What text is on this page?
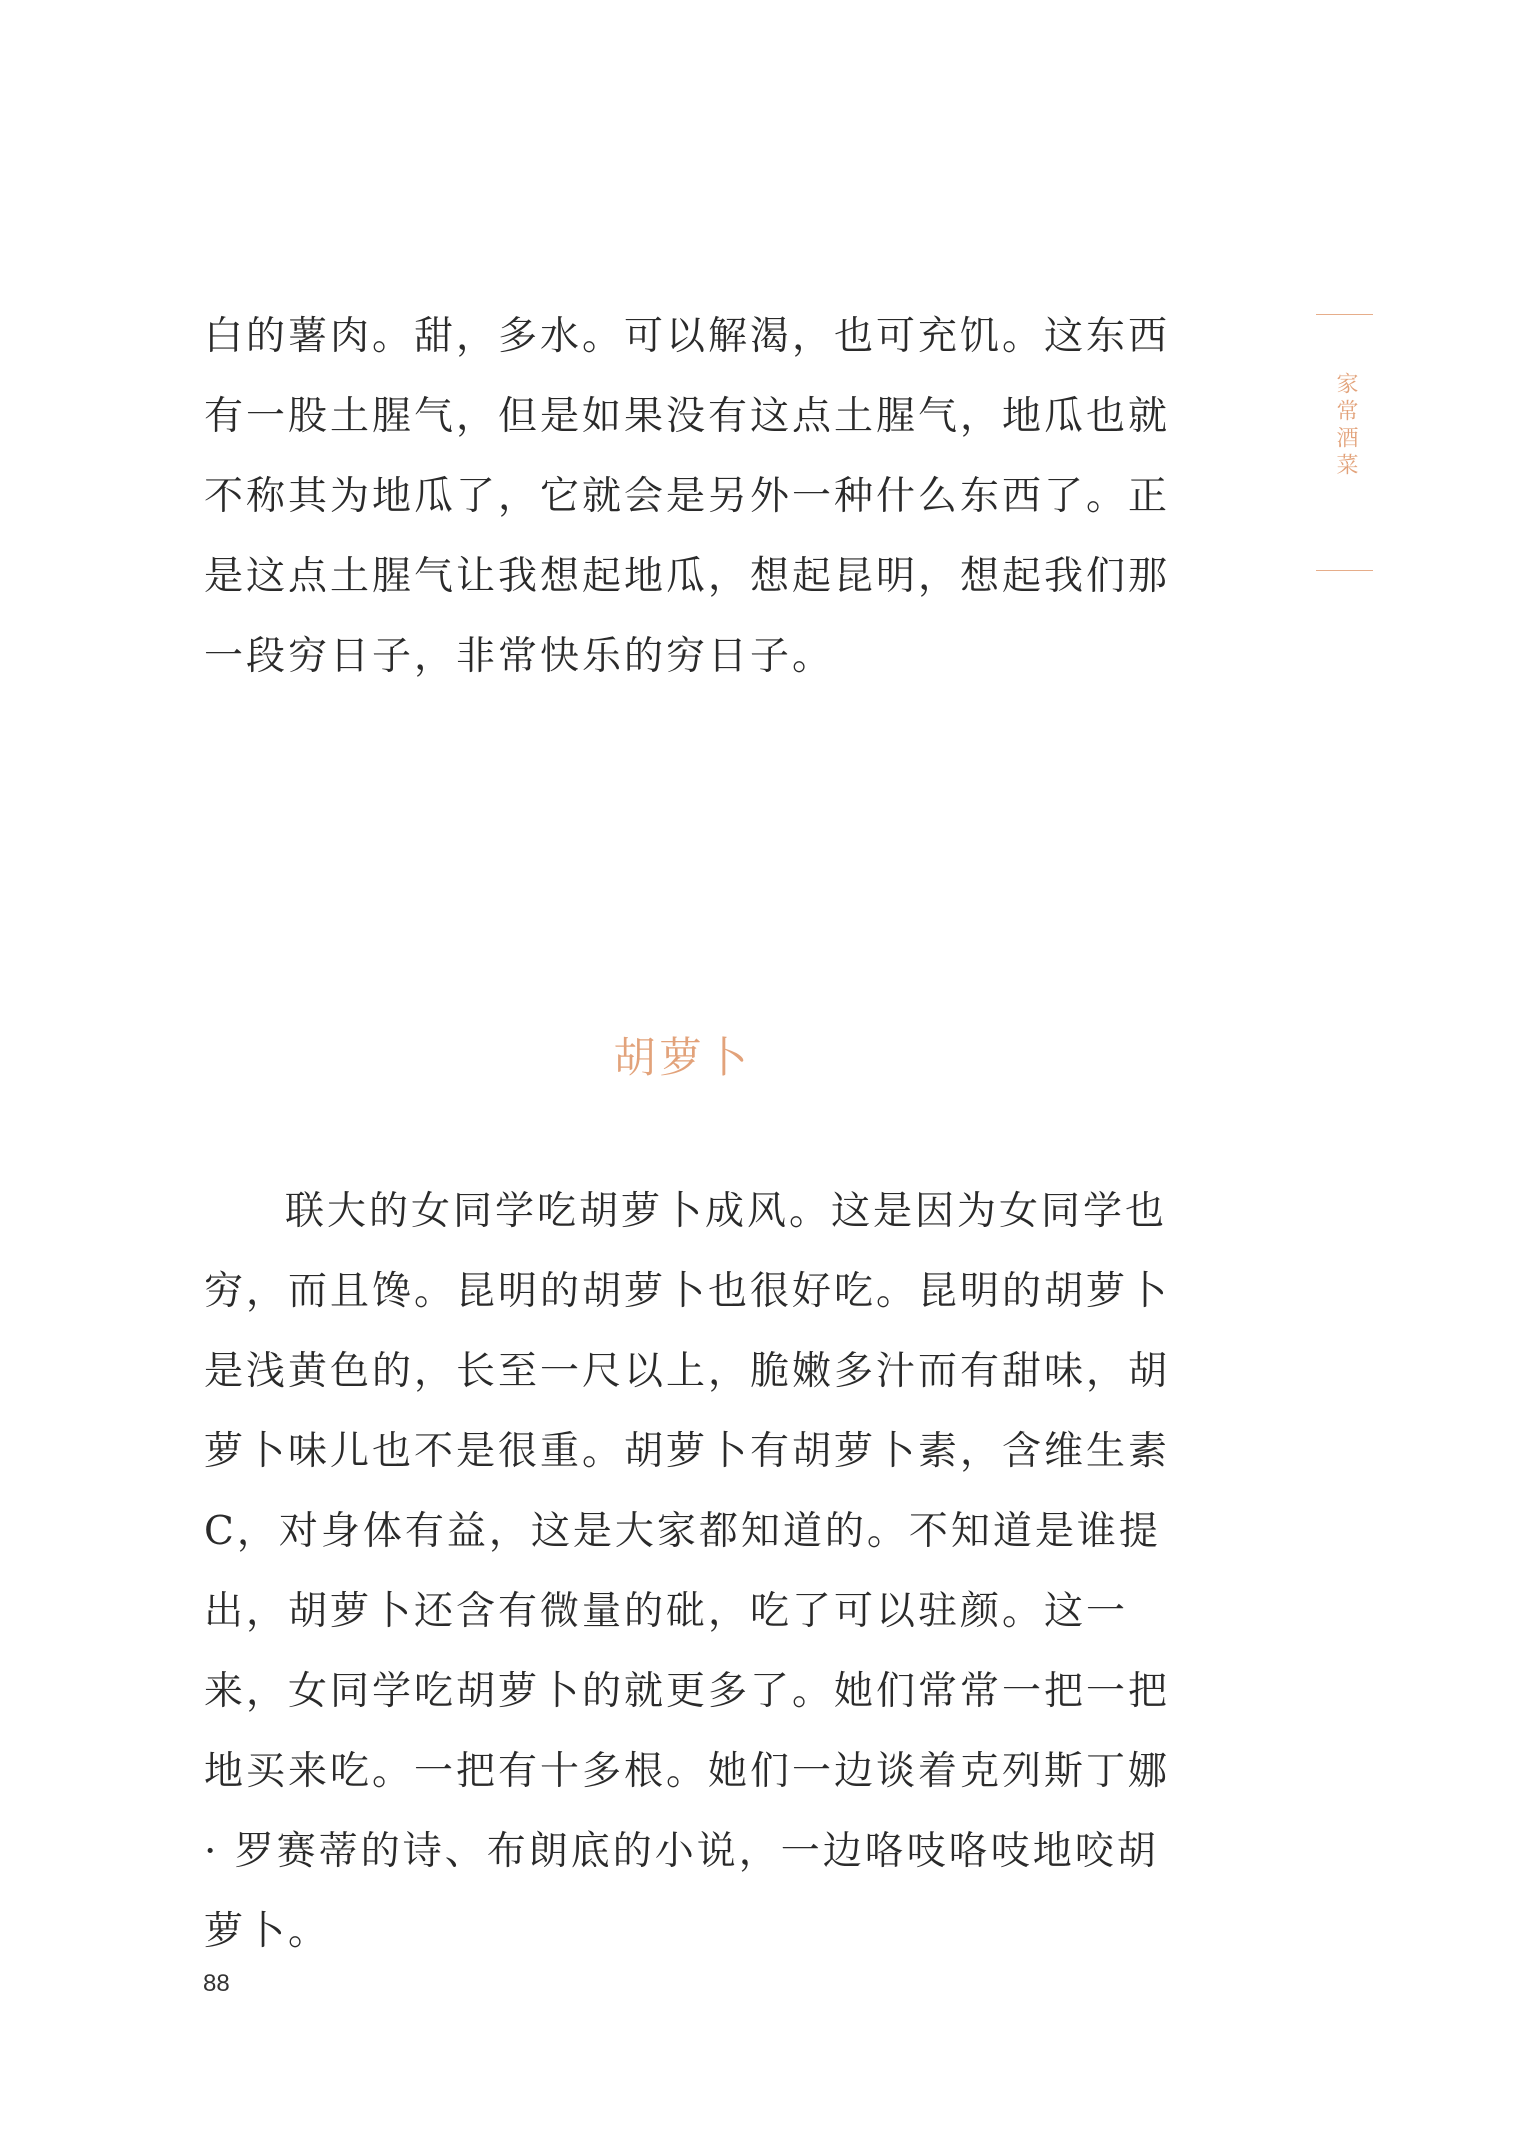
家常酒菜

白的薯肉。甜，多水。可以解渴，也可充饥。这东西有一股土腥气，但是如果没有这点土腥气，地瓜也就不称其为地瓜了，它就会是另外一种什么东西了。正是这点土腥气让我想起地瓜，想起昆明，想起我们那一段穷日子，非常快乐的穷日子。

胡萝卜

联大的女同学吃胡萝卜成风。这是因为女同学也穷，而且馋。昆明的胡萝卜也很好吃。昆明的胡萝卜是浅黄色的，长至一尺以上，脆嫩多汁而有甜味，胡萝卜味儿也不是很重。胡萝卜有胡萝卜素，含维生素 C，对身体有益，这是大家都知道的。不知道是谁提出，胡萝卜还含有微量的砒，吃了可以驻颜。这一来，女同学吃胡萝卜的就更多了。她们常常一把一把地买来吃。一把有十多根。她们一边谈着克列斯丁娜 · 罗赛蒂的诗、布朗底的小说，一边咯吱咯吱地咬胡萝卜。

88
